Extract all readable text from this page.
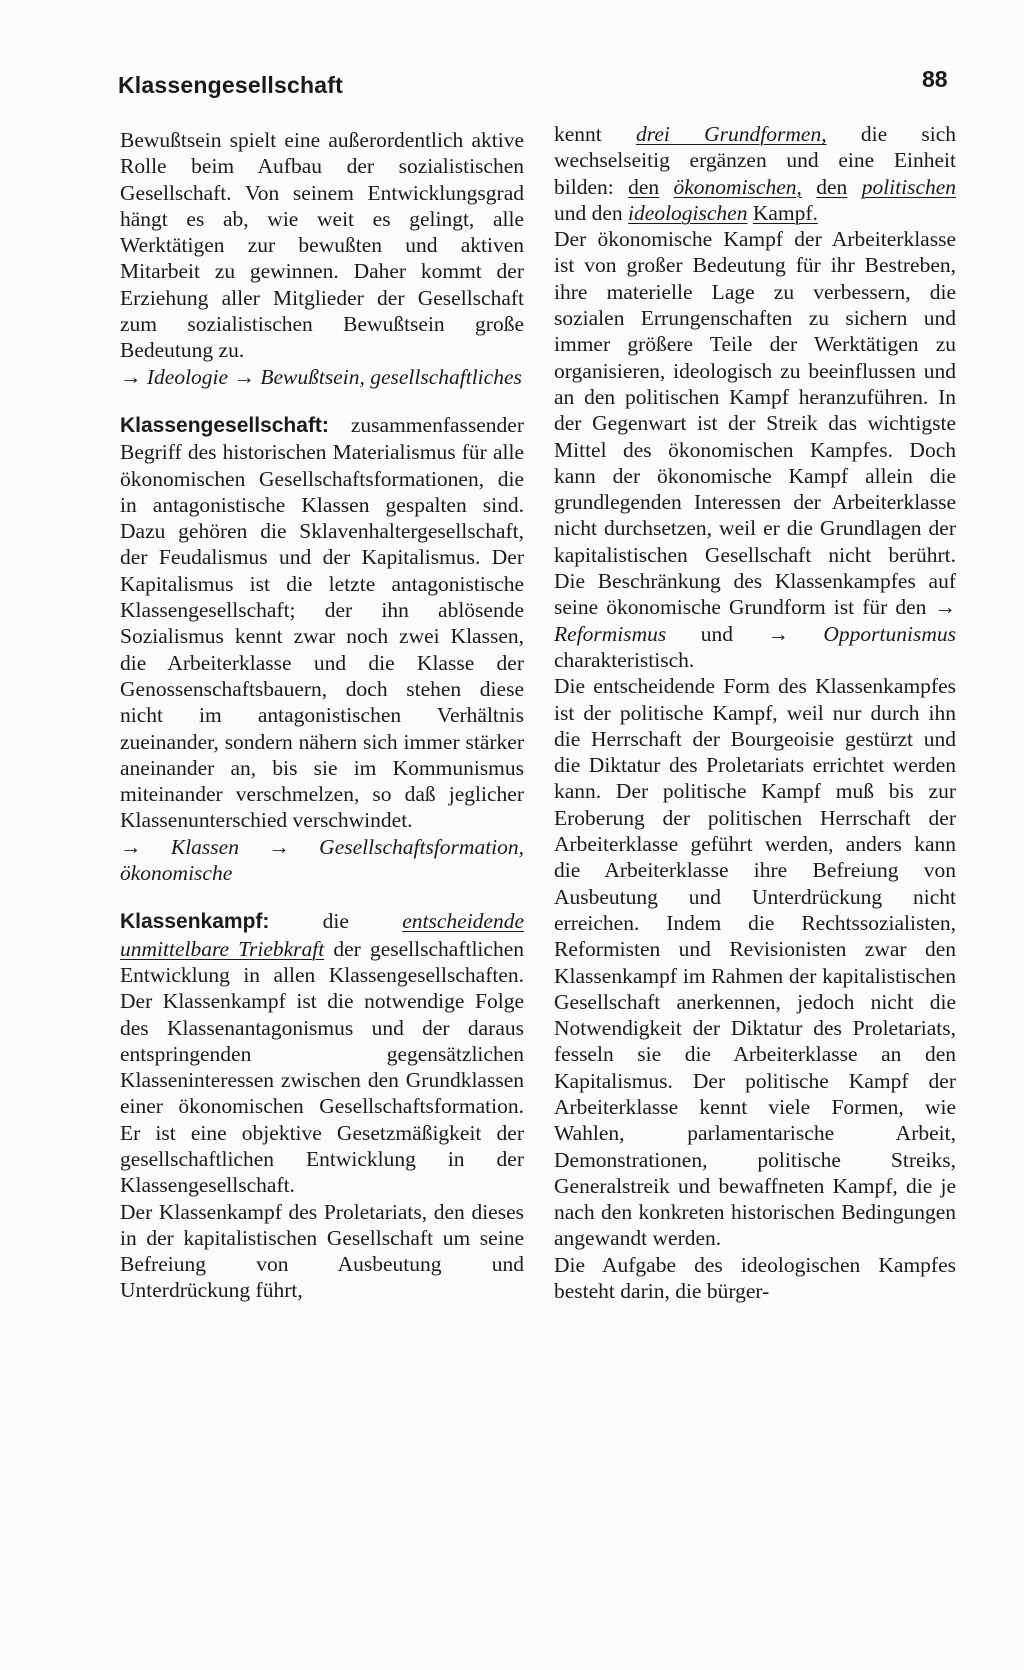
Klassengesellschaft	88

Bewußtsein spielt eine außerordentlich aktive Rolle beim Aufbau der sozialistischen Gesellschaft. Von seinem Entwicklungsgrad hängt es ab, wie weit es gelingt, alle Werktätigen zur bewußten und aktiven Mitarbeit zu gewinnen. Daher kommt der Erziehung aller Mitglieder der Gesellschaft zum sozialistischen Bewußtsein große Bedeutung zu.

→ Ideologie → Bewußtsein, gesellschaftliches

Klassengesellschaft: zusammenfassender Begriff des historischen Materialismus für alle ökonomischen Gesellschaftsformationen, die in antagonistische Klassen gespalten sind. Dazu gehören die Sklavenhaltergesellschaft, der Feudalismus und der Kapitalismus. Der Kapitalismus ist die letzte antagonistische Klassengesellschaft; der ihn ablösende Sozialismus kennt zwar noch zwei Klassen, die Arbeiterklasse und die Klasse der Genossenschaftsbauern, doch stehen diese nicht im antagonistischen Verhältnis zueinander, sondern nähern sich immer stärker aneinander an, bis sie im Kommunismus miteinander verschmelzen, so daß jeglicher Klassenunterschied verschwindet.

→ Klassen → Gesellschaftsformation, ökonomische

Klassenkampf: die entscheidende unmittelbare Triebkraft der gesellschaftlichen Entwicklung in allen Klassengesellschaften. Der Klassenkampf ist die notwendige Folge des Klassenantagonismus und der daraus entspringenden gegensätzlichen Klasseninteressen zwischen den Grundklassen einer ökonomischen Gesellschaftsformation. Er ist eine objektive Gesetzmäßigkeit der gesellschaftlichen Entwicklung in der Klassengesellschaft.

Der Klassenkampf des Proletariats, den dieses in der kapitalistischen Gesellschaft um seine Befreiung von Ausbeutung und Unterdrückung führt,

kennt drei Grundformen, die sich wechselseitig ergänzen und eine Einheit bilden: den ökonomischen, den politischen und den ideologischen Kampf.

Der ökonomische Kampf der Arbeiterklasse ist von großer Bedeutung für ihr Bestreben, ihre materielle Lage zu verbessern, die sozialen Errungenschaften zu sichern und immer größere Teile der Werktätigen zu organisieren, ideologisch zu beeinflussen und an den politischen Kampf heranzuführen. In der Gegenwart ist der Streik das wichtigste Mittel des ökonomischen Kampfes. Doch kann der ökonomische Kampf allein die grundlegenden Interessen der Arbeiterklasse nicht durchsetzen, weil er die Grundlagen der kapitalistischen Gesellschaft nicht berührt. Die Beschränkung des Klassenkampfes auf seine ökonomische Grundform ist für den → Reformismus und → Opportunismus charakteristisch.

Die entscheidende Form des Klassenkampfes ist der politische Kampf, weil nur durch ihn die Herrschaft der Bourgeoisie gestürzt und die Diktatur des Proletariats errichtet werden kann. Der politische Kampf muß bis zur Eroberung der politischen Herrschaft der Arbeiterklasse geführt werden, anders kann die Arbeiterklasse ihre Befreiung von Ausbeutung und Unterdrückung nicht erreichen. Indem die Rechtssozialisten, Reformisten und Revisionisten zwar den Klassenkampf im Rahmen der kapitalistischen Gesellschaft anerkennen, jedoch nicht die Notwendigkeit der Diktatur des Proletariats, fesseln sie die Arbeiterklasse an den Kapitalismus. Der politische Kampf der Arbeiterklasse kennt viele Formen, wie Wahlen, parlamentarische Arbeit, Demonstrationen, politische Streiks, Generalstreik und bewaffneten Kampf, die je nach den konkreten historischen Bedingungen angewandt werden.

Die Aufgabe des ideologischen Kampfes besteht darin, die bürger-
